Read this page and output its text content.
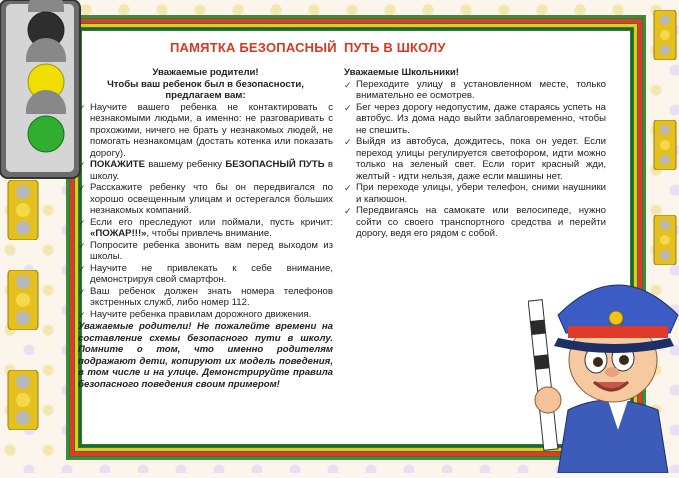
ПАМЯТКА БЕЗОПАСНЫЙ ПУТЬ В ШКОЛУ
Уважаемые родители!
Чтобы ваш ребенок был в безопасности,
предлагаем вам:
✓ Научите вашего ребенка не контактировать с незнакомыми людьми, а именно: не разговаривать с прохожими, ничего не брать у незнакомых людей, не помогать незнакомцам (достать котенка или показать дорогу).
✓ ПОКАЖИТЕ вашему ребенку БЕЗОПАСНЫЙ ПУТЬ в школу.
✓ Расскажите ребенку что бы он передвигался по хорошо освещенным улицам и остерегался больших незнакомых компаний.
✓ Если его преследуют или поймали, пусть кричит: «ПОЖАР!!!», чтобы привлечь внимание.
✓ Попросите ребенка звонить вам перед выходом из школы.
✓ Научите не привлекать к себе внимание, демонстрируя свой смартфон.
✓ Ваш ребенок должен знать номера телефонов экстренных служб, либо номер 112.
✓ Научите ребенка правилам дорожного движения.
Уважаемые родители! Не пожалейте времени на составление схемы безопасного пути в школу. Помните о том, что именно родителям подражают дети, копируют их модель поведения, в том числе и на улице. Демонстрируйте правила безопасного поведения своим примером!
Уважаемые Школьники!
✓ Переходите улицу в установленном месте, только внимательно ее осмотрев.
✓ Бег через дорогу недопустим, даже стараясь успеть на автобус. Из дома надо выйти заблаговременно, чтобы не спешить.
✓ Выйдя из автобуса, дождитесь, пока он уедет. Если переход улицы регулируется светофором, идти можно только на зеленый свет. Если горит красный жди, желтый - идти нельзя, даже если машины нет.
✓ При переходе улицы, убери телефон, сними наушники и капюшон.
✓ Передвигаясь на самокате или велосипеде, нужно сойти со своего транспортного средства и перейти дорогу, ведя его рядом с собой.
